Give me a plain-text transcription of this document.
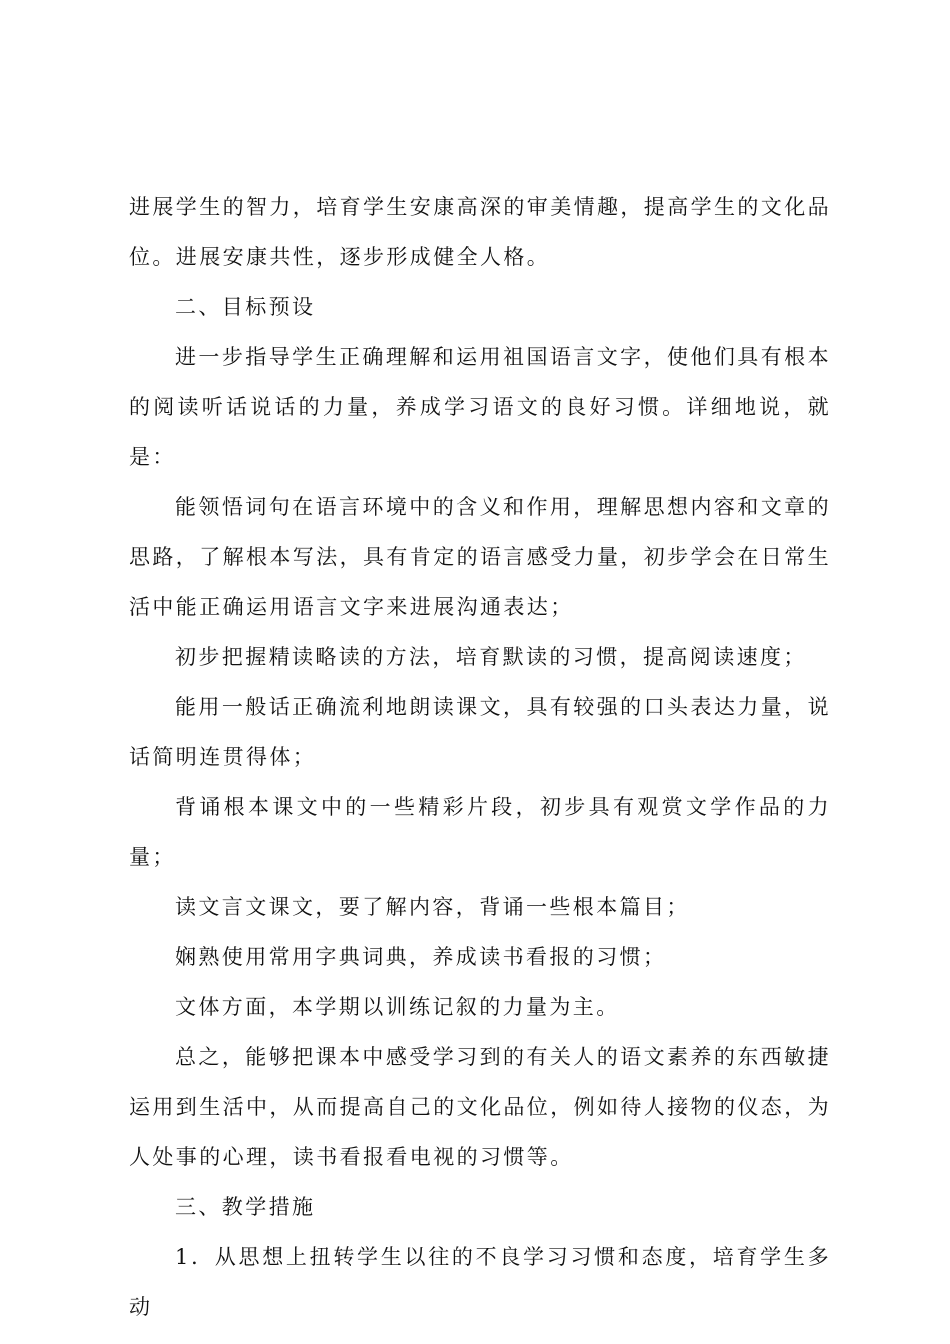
进展学生的智力，培育学生安康高深的审美情趣，提高学生的文化品位。进展安康共性，逐步形成健全人格。

二、目标预设

进一步指导学生正确理解和运用祖国语言文字，使他们具有根本的阅读听话说话的力量，养成学习语文的良好习惯。详细地说，就是：

能领悟词句在语言环境中的含义和作用，理解思想内容和文章的思路，了解根本写法，具有肯定的语言感受力量，初步学会在日常生活中能正确运用语言文字来进展沟通表达；

初步把握精读略读的方法，培育默读的习惯，提高阅读速度；

能用一般话正确流利地朗读课文，具有较强的口头表达力量，说话简明连贯得体；

背诵根本课文中的一些精彩片段，初步具有观赏文学作品的力量；

读文言文课文，要了解内容，背诵一些根本篇目；

娴熟使用常用字典词典，养成读书看报的习惯；

文体方面，本学期以训练记叙的力量为主。

总之，能够把课本中感受学习到的有关人的语文素养的东西敏捷运用到生活中，从而提高自己的文化品位，例如待人接物的仪态，为人处事的心理，读书看报看电视的习惯等。

三、教学措施

1．从思想上扭转学生以往的不良学习习惯和态度，培育学生多动
